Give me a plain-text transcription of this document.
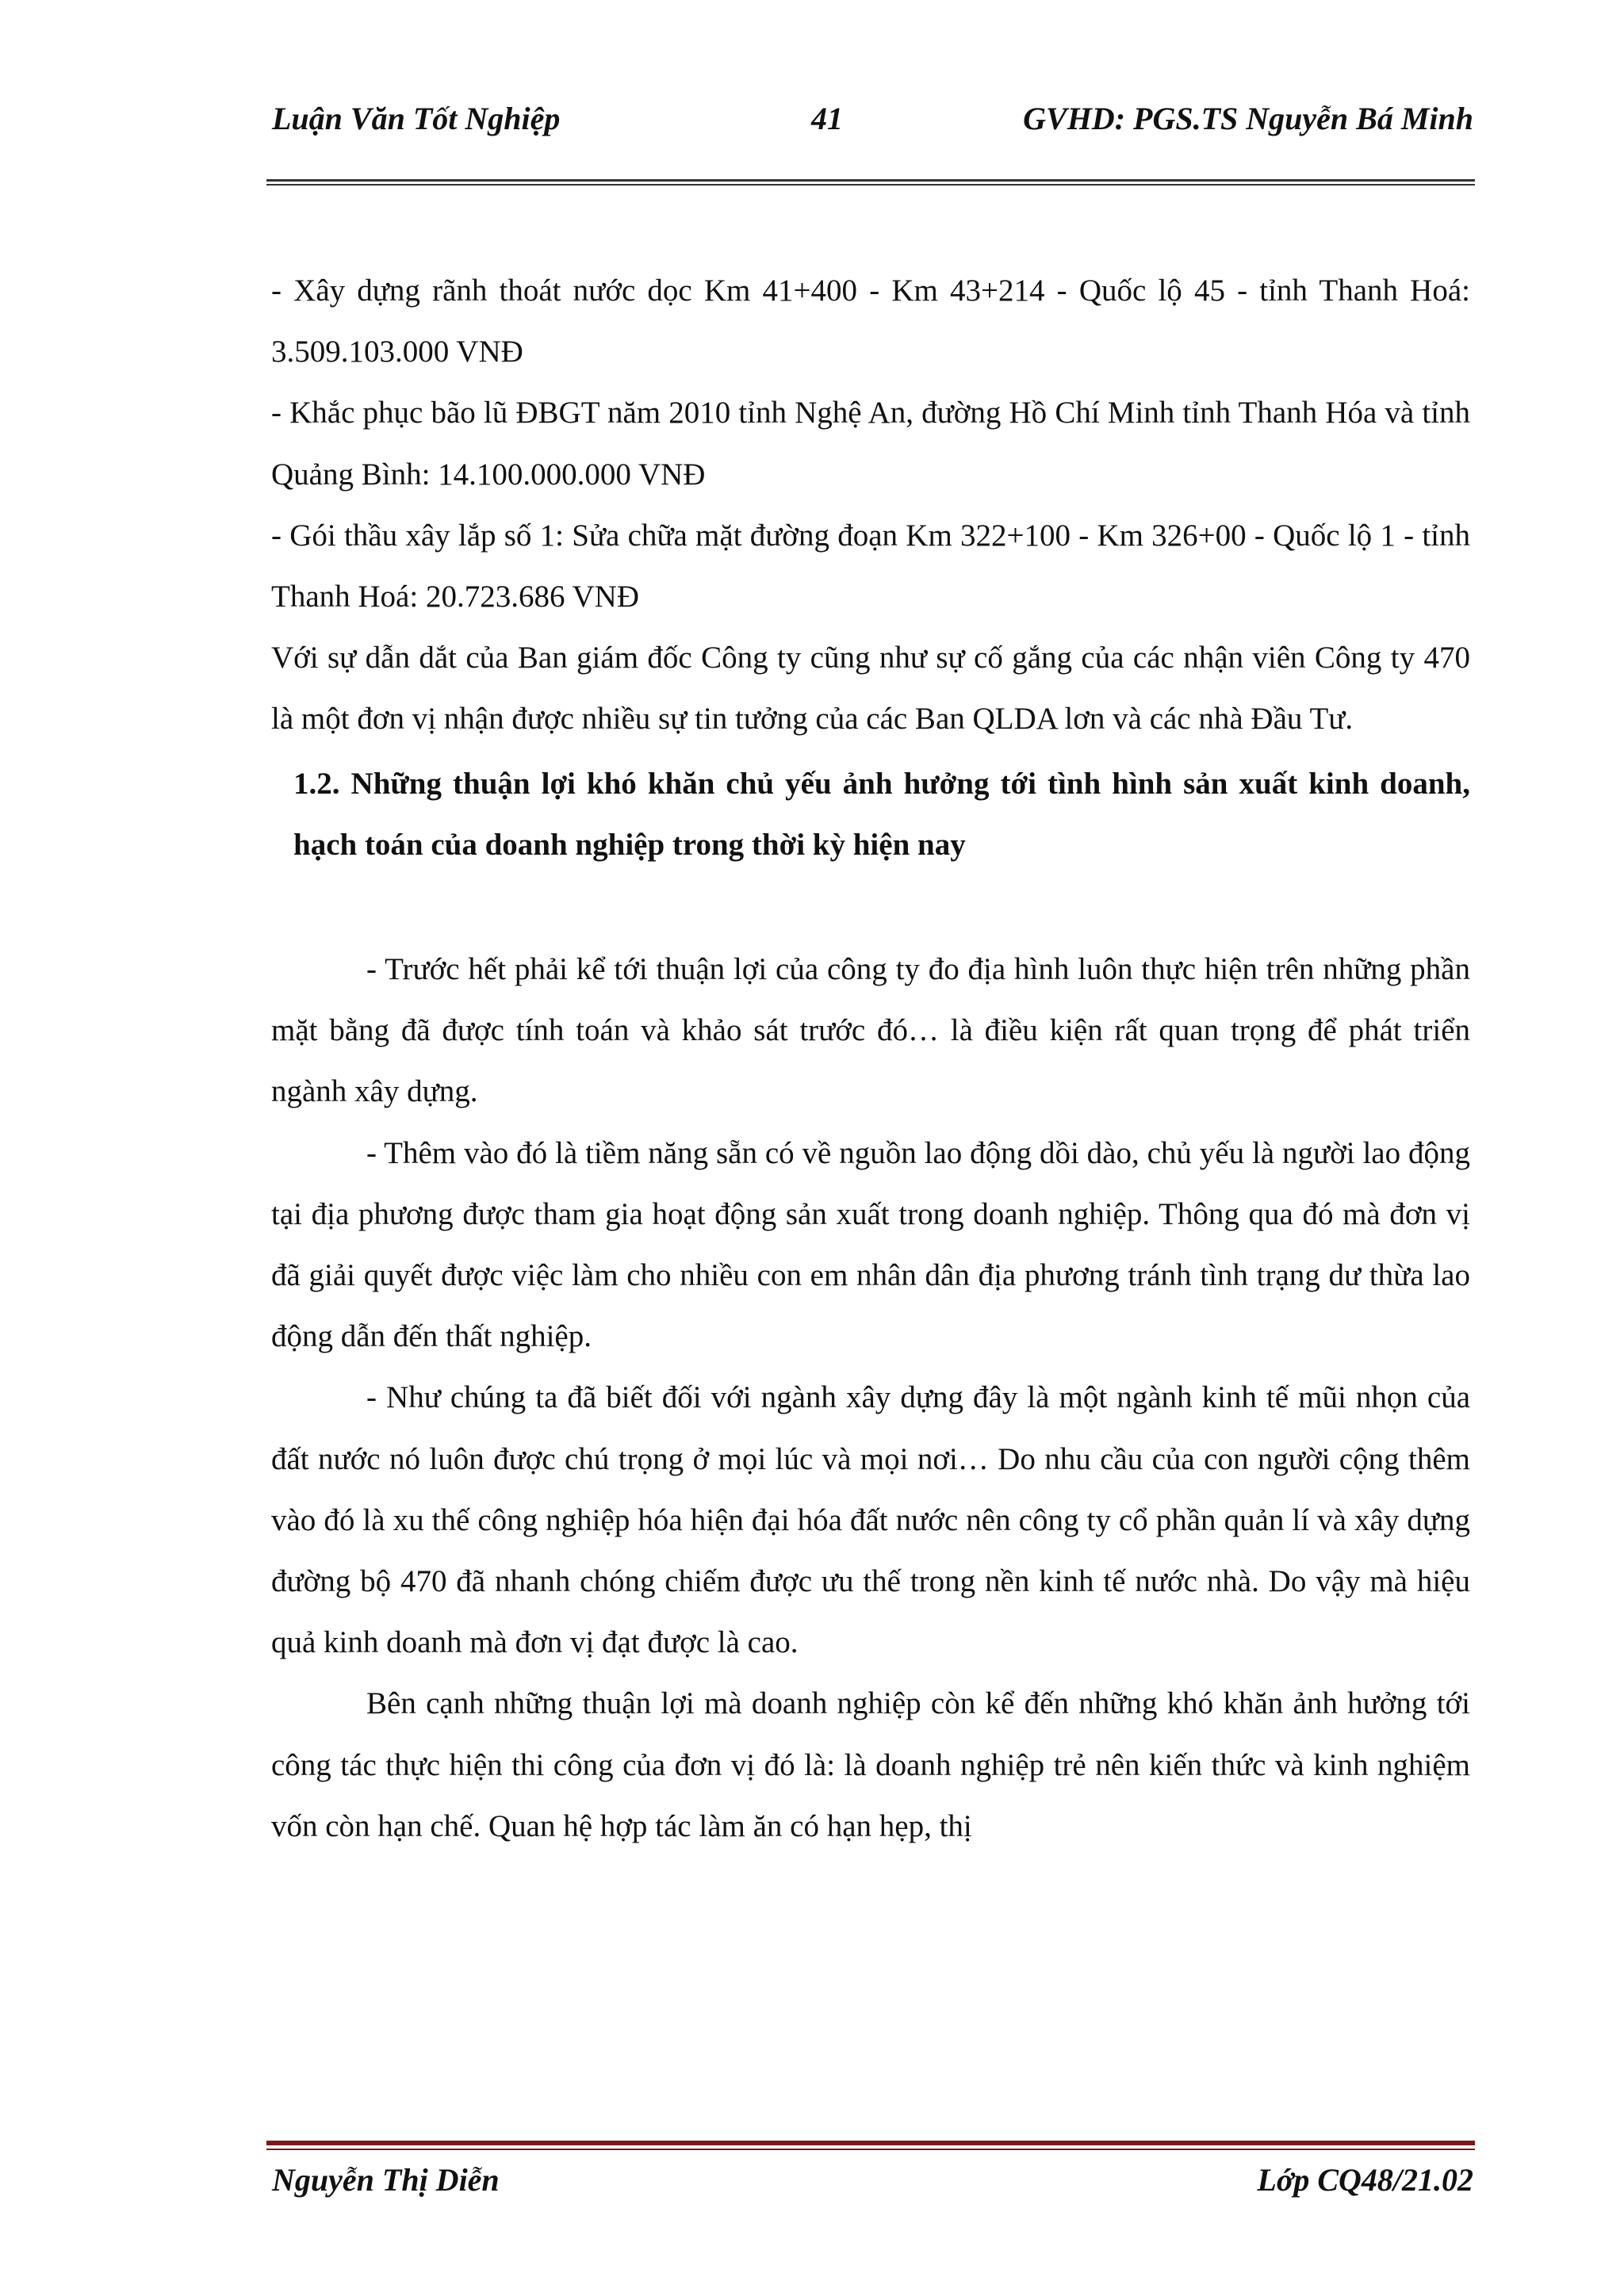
Luận Văn Tốt Nghiệp	41	GVHD: PGS.TS Nguyễn Bá Minh

- Xây dựng rãnh thoát nước dọc Km 41+400 - Km 43+214 - Quốc lộ 45 - tỉnh Thanh Hoá: 3.509.103.000 VNĐ

- Khắc phục bão lũ ĐBGT năm 2010 tỉnh Nghệ An, đường Hồ Chí Minh tỉnh Thanh Hóa và tỉnh Quảng Bình: 14.100.000.000 VNĐ

- Gói thầu xây lắp số 1: Sửa chữa mặt đường đoạn Km 322+100 - Km 326+00 - Quốc lộ 1 - tỉnh Thanh Hoá: 20.723.686 VNĐ

Với sự dẫn dắt của Ban giám đốc Công ty cũng như sự cố gắng của các nhận viên Công ty 470 là một đơn vị nhận được nhiều sự tin tưởng của các Ban QLDA lơn và các nhà Đầu Tư.

1.2. Những thuận lợi khó khăn chủ yếu ảnh hưởng tới tình hình sản xuất kinh doanh, hạch toán của doanh nghiệp trong thời kỳ hiện nay

- Trước hết phải kể tới thuận lợi của công ty đo địa hình luôn thực hiện trên những phần mặt bằng đã được tính toán và khảo sát trước đó… là điều kiện rất quan trọng để phát triển ngành xây dựng.

- Thêm vào đó là tiềm năng sẵn có về nguồn lao động dồi dào, chủ yếu là người lao động tại địa phương được tham gia hoạt động sản xuất trong doanh nghiệp. Thông qua đó mà đơn vị đã giải quyết được việc làm cho nhiều con em nhân dân địa phương tránh tình trạng dư thừa lao động dẫn đến thất nghiệp.

- Như chúng ta đã biết đối với ngành xây dựng đây là một ngành kinh tế mũi nhọn của đất nước nó luôn được chú trọng ở mọi lúc và mọi nơi… Do nhu cầu của con người cộng thêm vào đó là xu thế công nghiệp hóa hiện đại hóa đất nước nên công ty cổ phần quản lí và xây dựng đường bộ 470 đã nhanh chóng chiếm được ưu thế trong nền kinh tế nước nhà. Do vậy mà hiệu quả kinh doanh mà đơn vị đạt được là cao.

Bên cạnh những thuận lợi mà doanh nghiệp còn kể đến những khó khăn ảnh hưởng tới công tác thực hiện thi công của đơn vị đó là: là doanh nghiệp trẻ nên kiến thức và kinh nghiệm vốn còn hạn chế. Quan hệ hợp tác làm ăn có hạn hẹp, thị

Nguyễn Thị Diễn	Lớp CQ48/21.02
